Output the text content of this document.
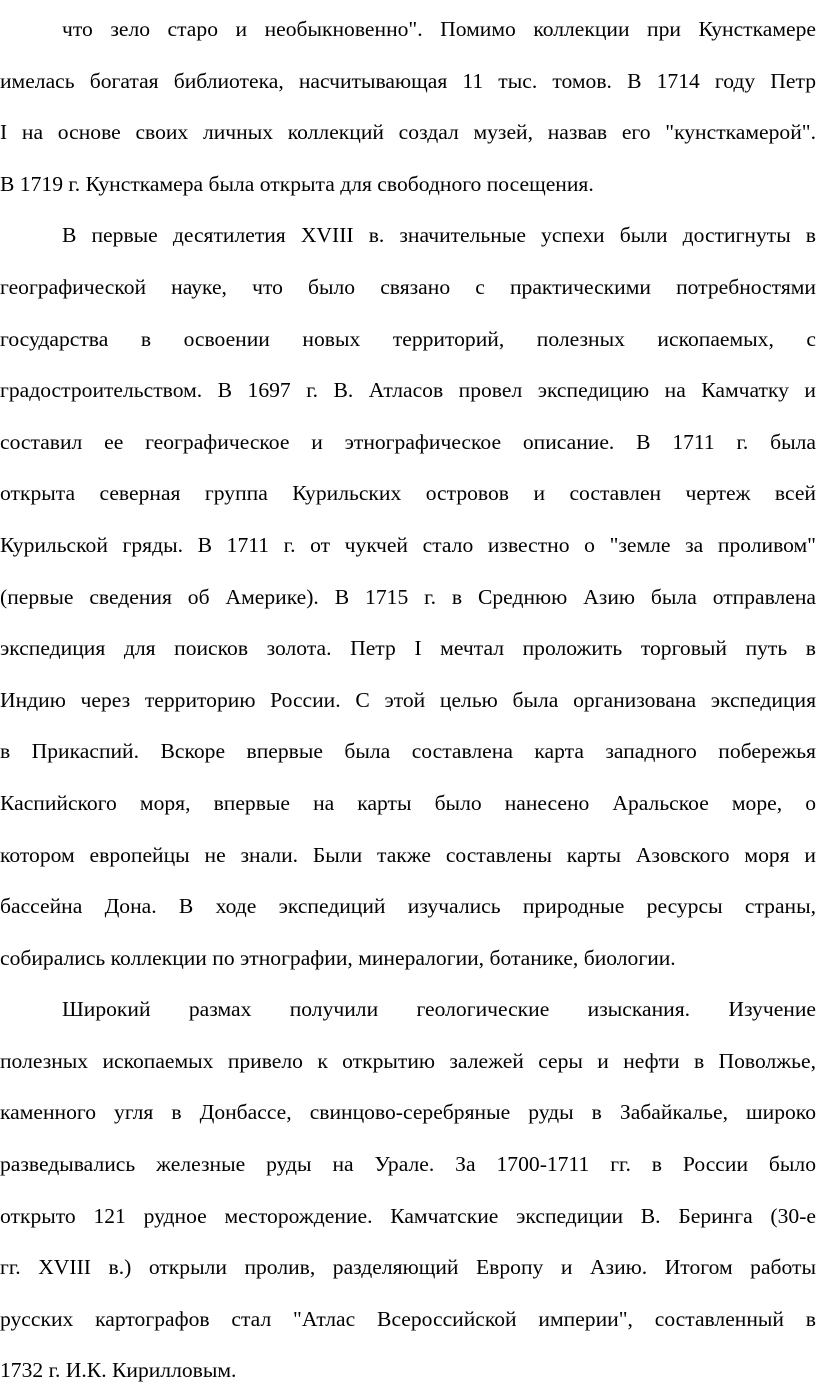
что зело старо и необыкновенно". Помимо коллекции при Кунсткамере
имелась богатая библиотека, насчитывающая 11 тыс. томов. В 1714 году Петр
I на основе своих личных коллекций создал музей, назвав его "кунсткамерой".
В 1719 г. Кунсткамера была открыта для свободного посещения.
В первые десятилетия XVIII в. значительные успехи были достигнуты в
географической науке, что было связано с практическими потребностями
государства в освоении новых территорий, полезных ископаемых, с
градостроительством. В 1697 г. В. Атласов провел экспедицию на Камчатку и
составил ее географическое и этнографическое описание. В 1711 г. была
открыта северная группа Курильских островов и составлен чертеж всей
Курильской гряды. В 1711 г. от чукчей стало известно о "земле за проливом"
(первые сведения об Америке). В 1715 г. в Среднюю Азию была отправлена
экспедиция для поисков золота. Петр I мечтал проложить торговый путь в
Индию через территорию России. С этой целью была организована экспедиция
в Прикаспий. Вскоре впервые была составлена карта западного побережья
Каспийского моря, впервые на карты было нанесено Аральское море, о
котором европейцы не знали. Были также составлены карты Азовского моря и
бассейна Дона. В ходе экспедиций изучались природные ресурсы страны,
собирались коллекции по этнографии, минералогии, ботанике, биологии.
Широкий размах получили геологические изыскания. Изучение
полезных ископаемых привело к открытию залежей серы и нефти в Поволжье,
каменного угля в Донбассе, свинцово-серебряные руды в Забайкалье, широко
разведывались железные руды на Урале. За 1700-1711 гг. в России было
открыто 121 рудное месторождение. Камчатские экспедиции В. Беринга (30-е
гг. XVIII в.) открыли пролив, разделяющий Европу и Азию. Итогом работы
русских картографов стал "Атлас Всероссийской империи", составленный в
1732 г. И.К. Кирилловым.
